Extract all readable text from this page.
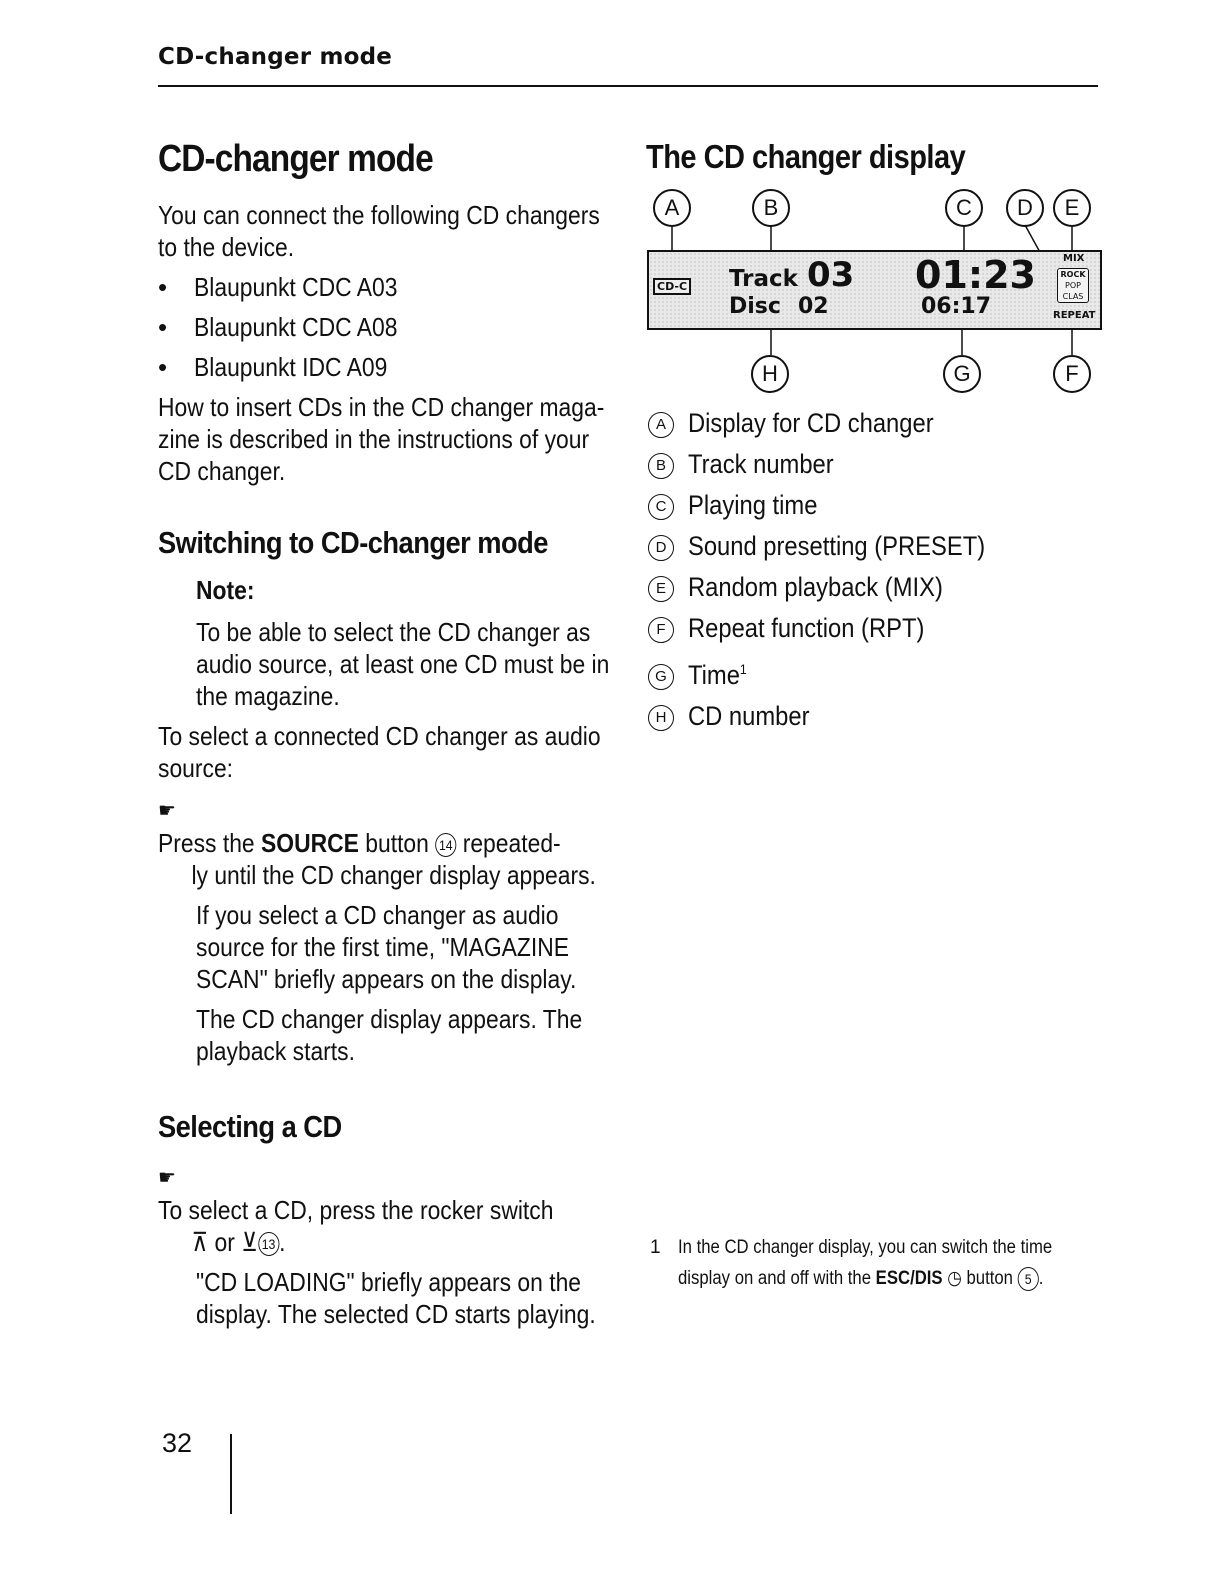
CD-changer mode
CD-changer mode
You can connect the following CD changers
to the device.
• Blaupunkt CDC A03
• Blaupunkt CDC A08
• Blaupunkt IDC A09
How to insert CDs in the CD changer maga-
zine is described in the instructions of your
CD changer.
Switching to CD-changer mode
Note:
To be able to select the CD changer as
audio source, at least one CD must be in
the magazine.
To select a connected CD changer as audio
source:
☛Press the SOURCE button 14 repeated-
ly until the CD changer display appears.
If you select a CD changer as audio
source for the first time, "MAGAZINE
SCAN" briefly appears on the display.
The CD changer display appears. The
playback starts.
Selecting a CD
☛To select a CD, press the rocker switch
⊼ or ⊻ 13 .
"CD LOADING" briefly appears on the
display. The selected CD starts playing.
The CD changer display
A	B	C	D	E
CD-C Track 03
Disc 02
01:23
06:17
MIX
ROCK
POP
CLAS
REPEAT
H	G	F
A Display for CD changer
B Track number
C Playing time
D Sound presetting (PRESET)
E Random playback (MIX)
F Repeat function (RPT)
G Time$^1$
H CD number
1 In the CD changer display, you can switch the time
display on and off with the ESC/DIS ◷ button 5 .
32
